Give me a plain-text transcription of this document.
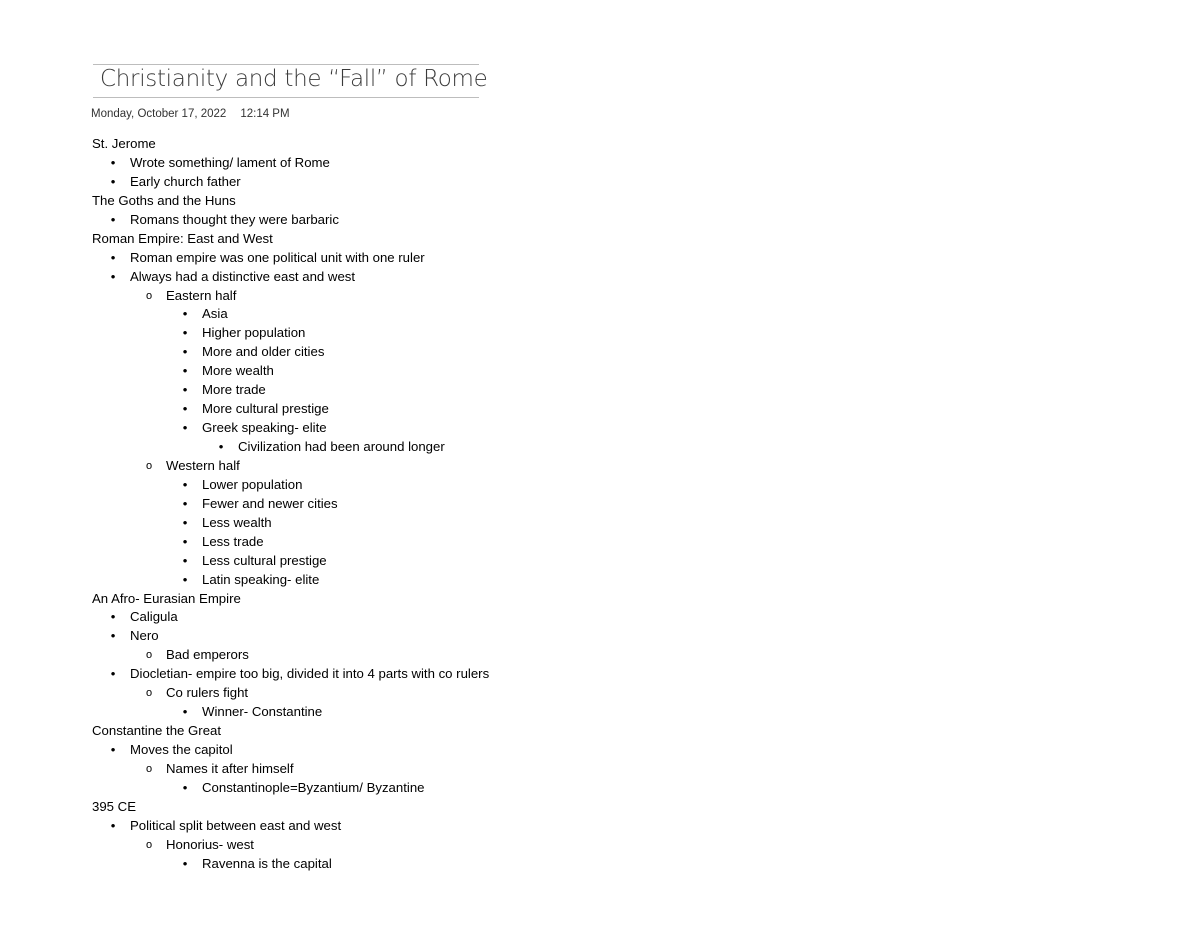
Christianity and the “Fall” of Rome
Monday, October 17, 2022 12:14 PM
St. Jerome
• Wrote something/ lament of Rome
• Early church father
The Goths and the Huns
• Romans thought they were barbaric
Roman Empire: East and West
• Roman empire was one political unit with one ruler
• Always had a distinctive east and west
o Eastern half
• Asia
• Higher population
• More and older cities
• More wealth
• More trade
• More cultural prestige
• Greek speaking- elite
• Civilization had been around longer
o Western half
• Lower population
• Fewer and newer cities
• Less wealth
• Less trade
• Less cultural prestige
• Latin speaking- elite
An Afro- Eurasian Empire
• Caligula
• Nero
o Bad emperors
• Diocletian- empire too big, divided it into 4 parts with co rulers
o Co rulers fight
• Winner- Constantine
Constantine the Great
• Moves the capitol
o Names it after himself
• Constantinople=Byzantium/ Byzantine
395 CE
• Political split between east and west
o Honorius- west
• Ravenna is the capital
